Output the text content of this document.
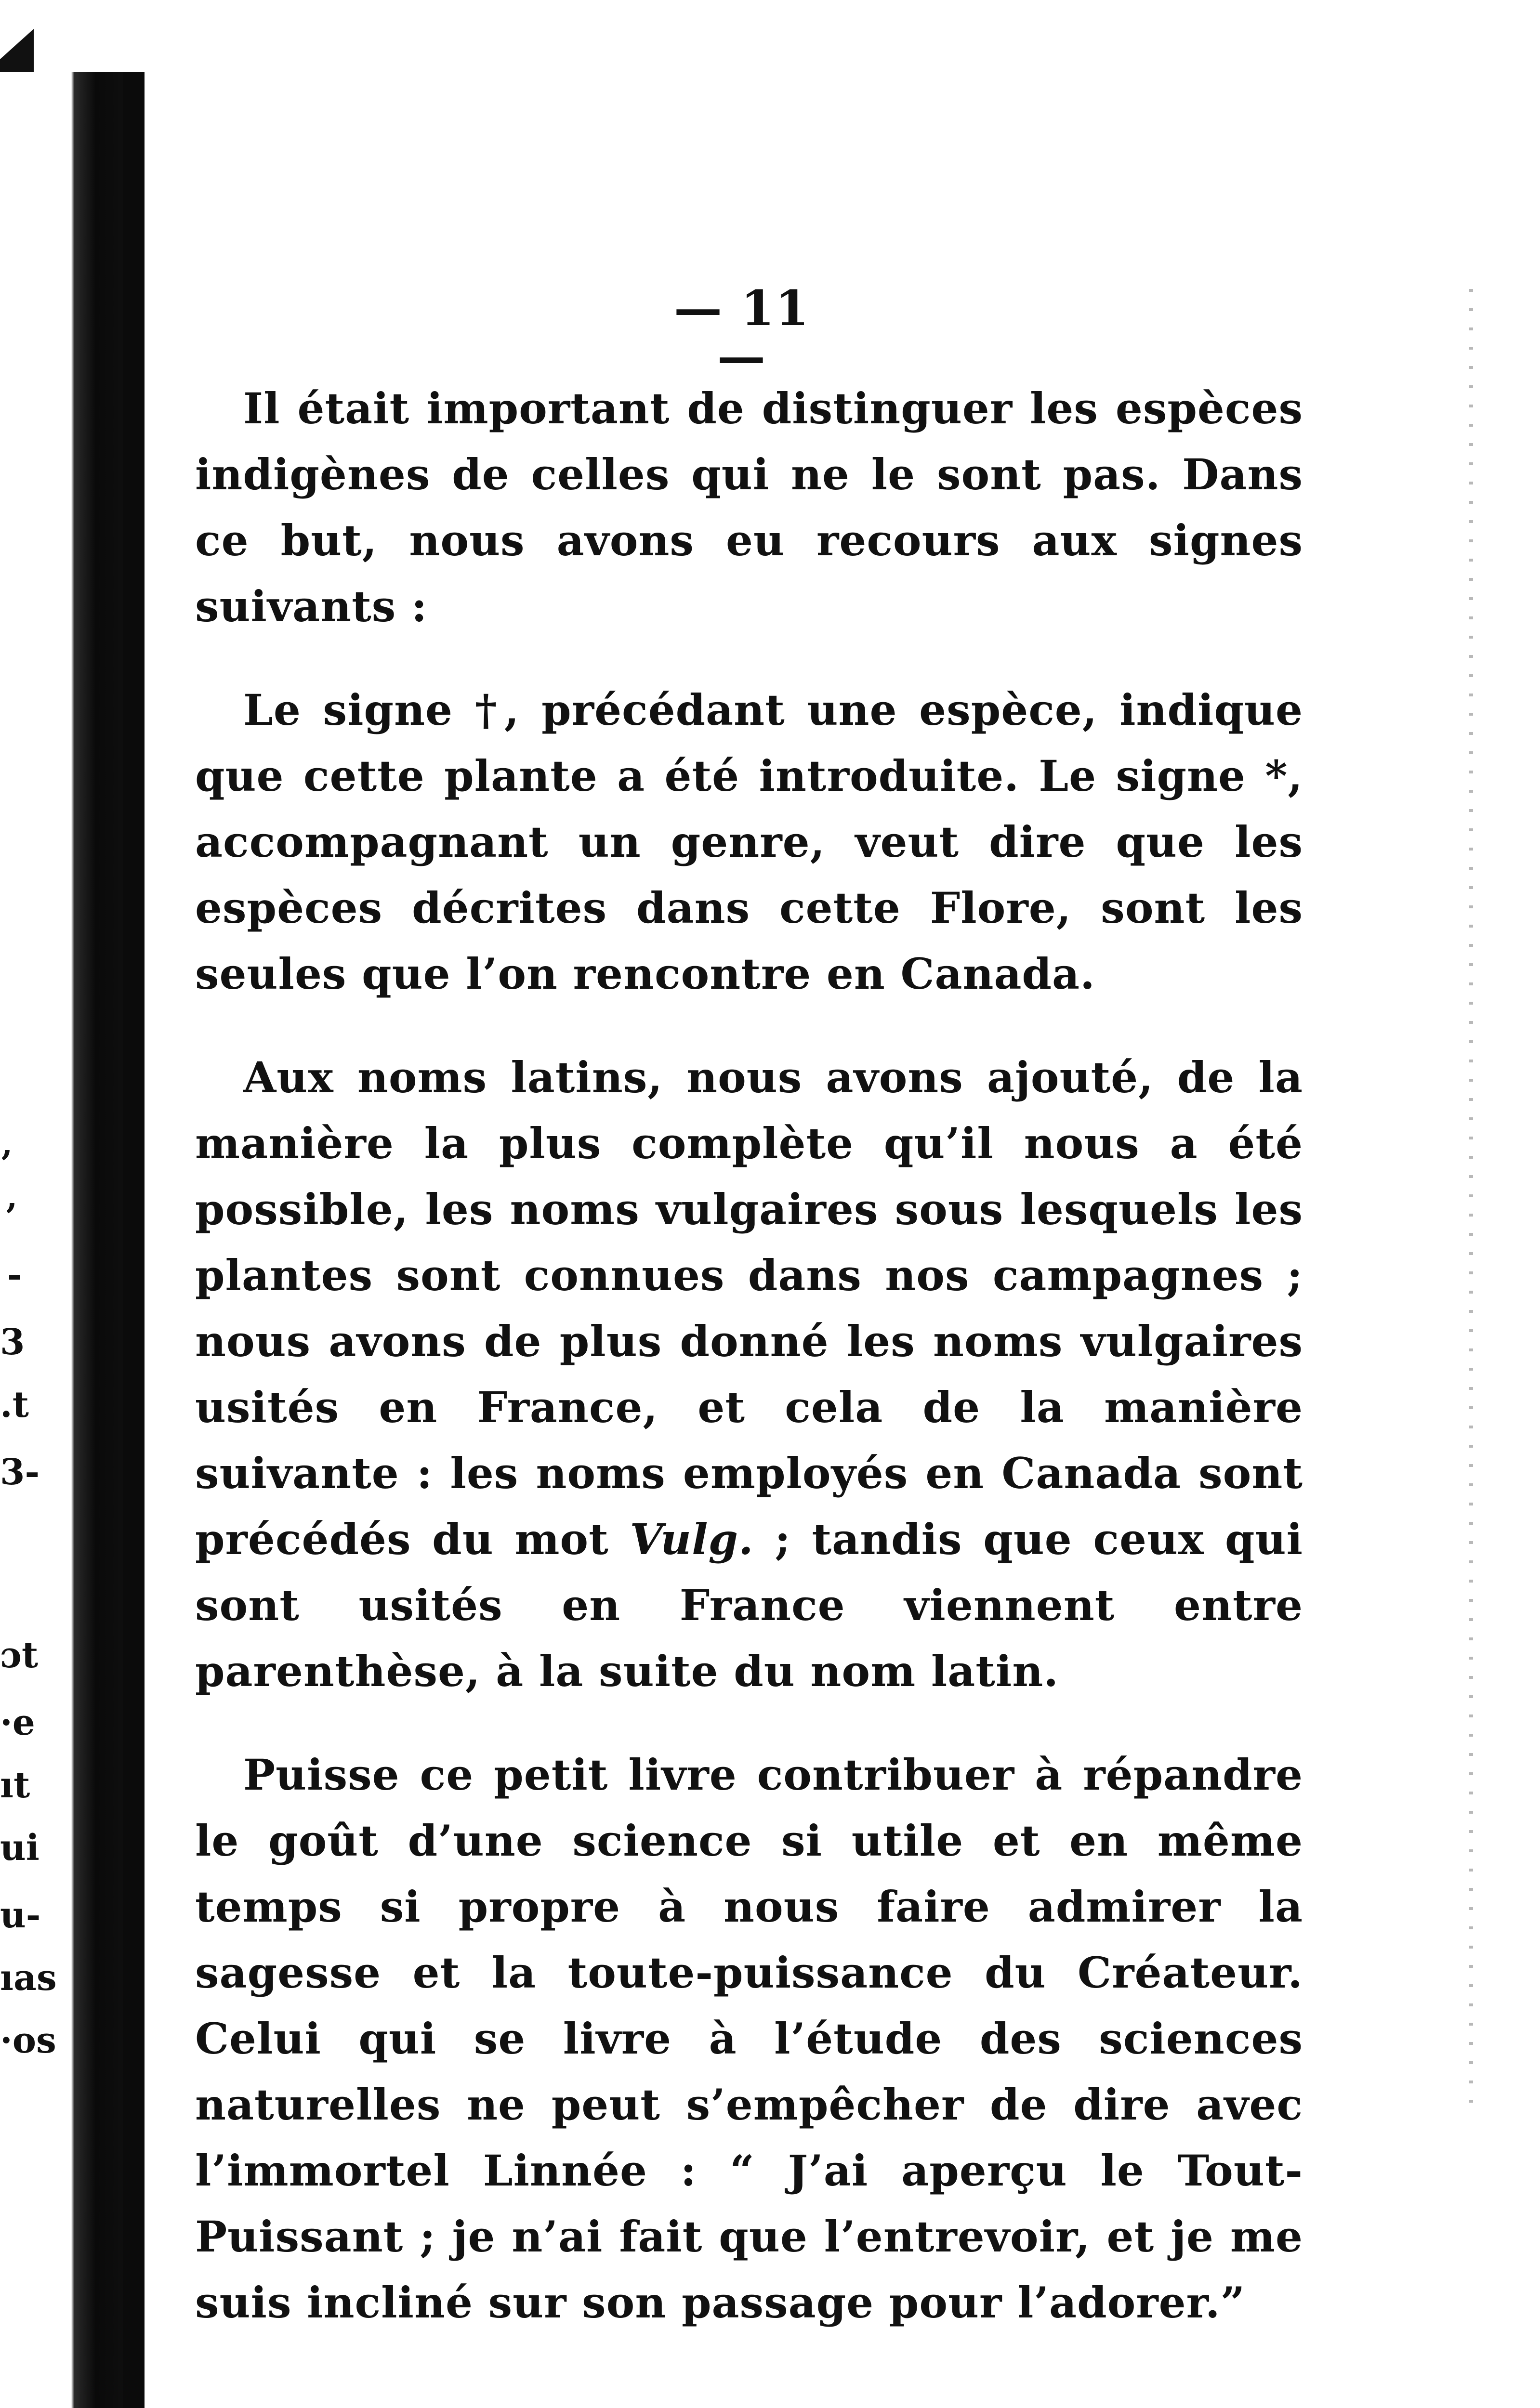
’
’
-
3
.t
3-
ɔt
·e
ıt
ui
u-
ıas
·os
— 11 —

Il était important de distinguer les espèces indigènes de celles qui ne le sont pas. Dans ce but, nous avons eu recours aux signes suivants :

Le signe †, précédant une espèce, indique que cette plante a été introduite. Le signe *, accompagnant un genre, veut dire que les espèces décrites dans cette Flore, sont les seules que l’on rencontre en Canada.

Aux noms latins, nous avons ajouté, de la manière la plus complète qu’il nous a été possible, les noms vulgaires sous lesquels les plantes sont connues dans nos campagnes ; nous avons de plus donné les noms vulgaires usités en France, et cela de la manière suivante : les noms employés en Canada sont précédés du mot Vulg. ; tandis que ceux qui sont usités en France viennent entre parenthèse, à la suite du nom latin.

Puisse ce petit livre contribuer à répandre le goût d’une science si utile et en même temps si propre à nous faire admirer la sagesse et la toute-puissance du Créateur. Celui qui se livre à l’étude des sciences naturelles ne peut s’empêcher de dire avec l’immortel Linnée : “ J’ai aperçu le Tout-Puissant ; je n’ai fait que l’entrevoir, et je me suis incliné sur son passage pour l’adorer.”
